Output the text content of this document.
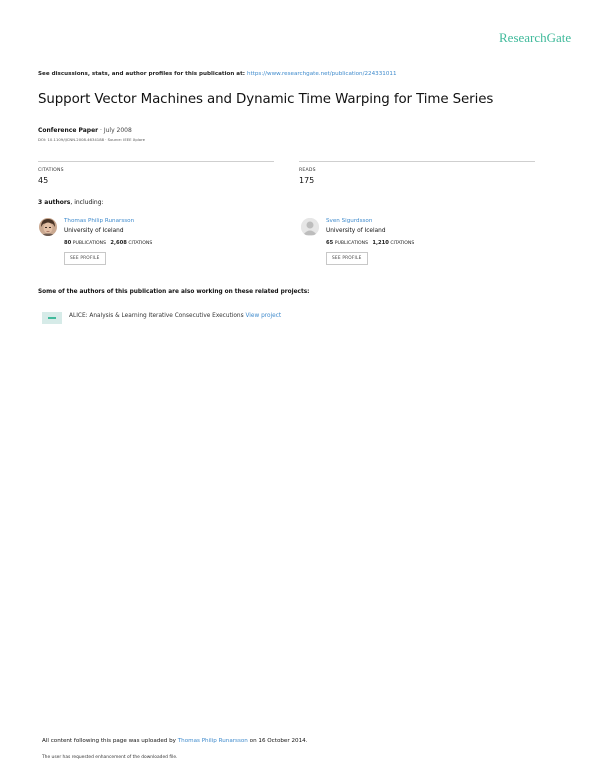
ResearchGate
See discussions, stats, and author profiles for this publication at: https://www.researchgate.net/publication/224331011
Support Vector Machines and Dynamic Time Warping for Time Series
Conference Paper · July 2008
DOI: 10.1109/IJCNN.2008.4634188 · Source: IEEE Xplore
CITATIONS
45
READS
175
3 authors, including:
Thomas Philip Runarsson
University of Iceland
80 PUBLICATIONS 2,608 CITATIONS
SEE PROFILE
Sven Sigurdsson
University of Iceland
65 PUBLICATIONS 1,210 CITATIONS
SEE PROFILE
Some of the authors of this publication are also working on these related projects:
ALICE: Analysis & Learning Iterative Consecutive Executions View project
All content following this page was uploaded by Thomas Philip Runarsson on 16 October 2014.
The user has requested enhancement of the downloaded file.
